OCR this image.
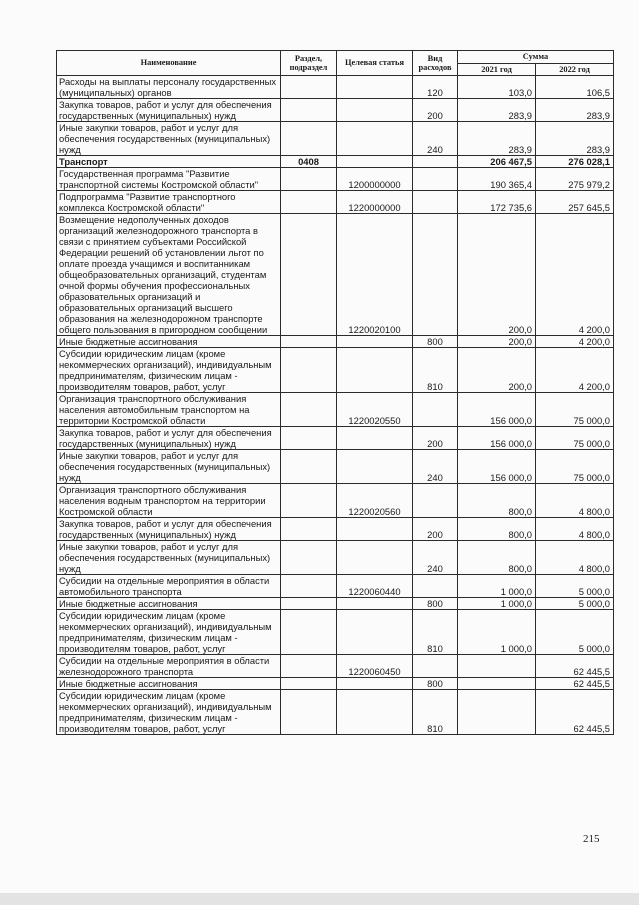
Наименование	Раздел, подраздел	Целевая статья	Вид расходов	Сумма	
				2021 год	2022 год
Расходы на выплаты персоналу государственных (муниципальных) органов			120	103,0	106,5
Закупка товаров, работ и услуг для обеспечения государственных (муниципальных) нужд			200	283,9	283,9
Иные закупки товаров, работ и услуг для обеспечения государственных (муниципальных) нужд			240	283,9	283,9
Транспорт	0408			206 467,5	276 028,1
Государственная программа "Развитие транспортной системы Костромской области"		1200000000		190 365,4	275 979,2
Подпрограмма "Развитие транспортного комплекса Костромской области"		1220000000		172 735,6	257 645,5
Возмещение недополученных доходов организаций железнодорожного транспорта в связи с принятием субъектами Российской Федерации решений об установлении льгот по оплате проезда учащимся и воспитанникам общеобразовательных организаций, студентам очной формы обучения профессиональных образовательных организаций и образовательных организаций высшего образования на железнодорожном транспорте общего пользования в пригородном сообщении		1220020100		200,0	4 200,0
Иные бюджетные ассигнования			800	200,0	4 200,0
Субсидии юридическим лицам (кроме некоммерческих организаций), индивидуальным предпринимателям, физическим лицам - производителям товаров, работ, услуг			810	200,0	4 200,0
Организация транспортного обслуживания населения автомобильным транспортом на территории Костромской области		1220020550		156 000,0	75 000,0
Закупка товаров, работ и услуг для обеспечения государственных (муниципальных) нужд			200	156 000,0	75 000,0
Иные закупки товаров, работ и услуг для обеспечения государственных (муниципальных) нужд			240	156 000,0	75 000,0
Организация транспортного обслуживания населения водным транспортом на территории Костромской области		1220020560		800,0	4 800,0
Закупка товаров, работ и услуг для обеспечения государственных (муниципальных) нужд			200	800,0	4 800,0
Иные закупки товаров, работ и услуг для обеспечения государственных (муниципальных) нужд			240	800,0	4 800,0
Субсидии на отдельные мероприятия в области автомобильного транспорта		1220060440		1 000,0	5 000,0
Иные бюджетные ассигнования			800	1 000,0	5 000,0
Субсидии юридическим лицам (кроме некоммерческих организаций), индивидуальным предпринимателям, физическим лицам - производителям товаров, работ, услуг			810	1 000,0	5 000,0
Субсидии на отдельные мероприятия в области железнодорожного транспорта		1220060450			62 445,5
Иные бюджетные ассигнования			800		62 445,5
Субсидии юридическим лицам (кроме некоммерческих организаций), индивидуальным предпринимателям, физическим лицам - производителям товаров, работ, услуг			810		62 445,5
215
